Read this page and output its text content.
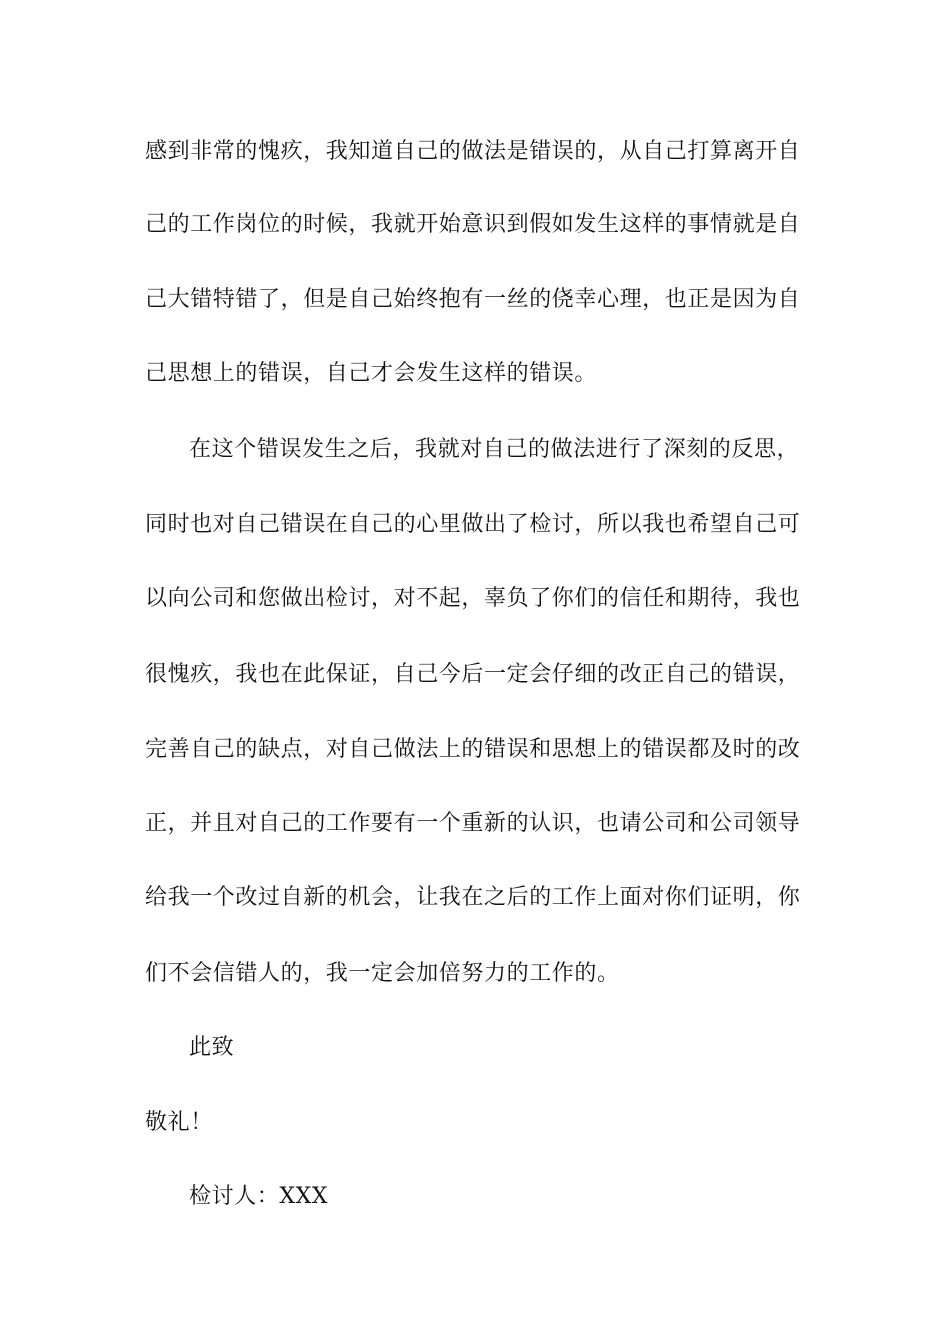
感到非常的愧疚，我知道自己的做法是错误的，从自己打算离开自
己的工作岗位的时候，我就开始意识到假如发生这样的事情就是自
己大错特错了，但是自己始终抱有一丝的侥幸心理，也正是因为自
己思想上的错误，自己才会发生这样的错误。
在这个错误发生之后，我就对自己的做法进行了深刻的反思，
同时也对自己错误在自己的心里做出了检讨，所以我也希望自己可
以向公司和您做出检讨，对不起，辜负了你们的信任和期待，我也
很愧疚，我也在此保证，自己今后一定会仔细的改正自己的错误，
完善自己的缺点，对自己做法上的错误和思想上的错误都及时的改
正，并且对自己的工作要有一个重新的认识，也请公司和公司领导
给我一个改过自新的机会，让我在之后的工作上面对你们证明，你
们不会信错人的，我一定会加倍努力的工作的。
此致
敬礼！
检讨人：XXX
